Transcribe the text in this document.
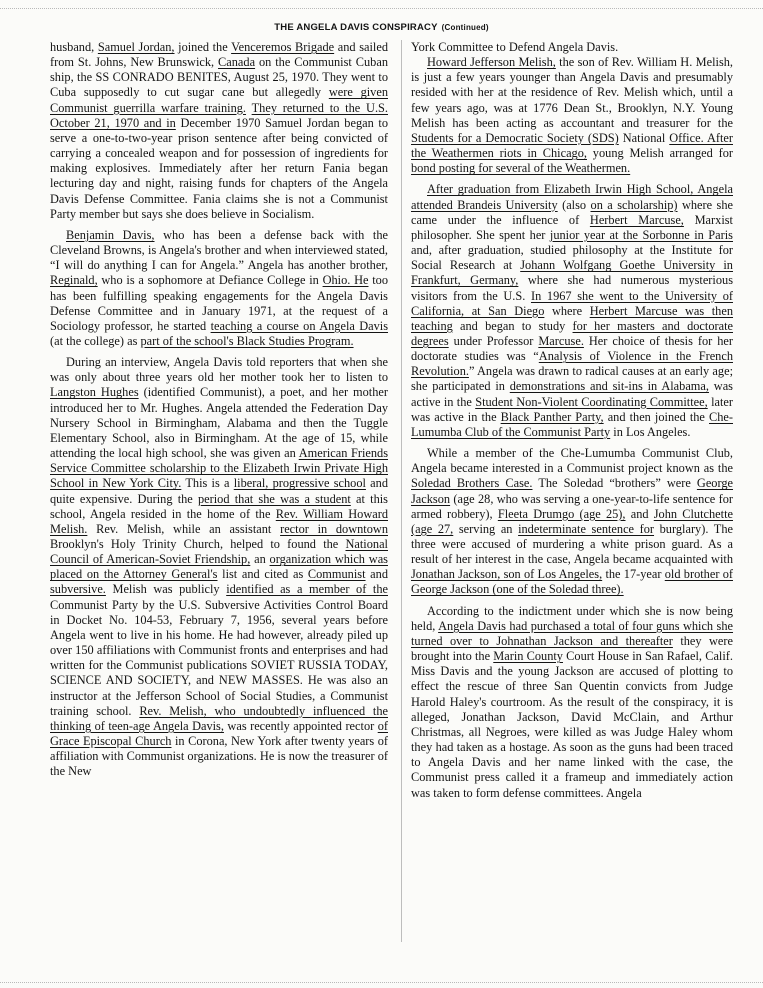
THE ANGELA DAVIS CONSPIRACY (Continued)

husband, Samuel Jordan, joined the Venceremos Brigade and sailed from St. Johns, New Brunswick, Canada on the Communist Cuban ship, the SS CONRADO BENITES, August 25, 1970. They went to Cuba supposedly to cut sugar cane but allegedly were given Communist guerrilla warfare training. They returned to the U.S. October 21, 1970 and in December 1970 Samuel Jordan began to serve a one-to-two-year prison sentence after being convicted of carrying a concealed weapon and for possession of ingredients for making explosives. Immediately after her return Fania began lecturing day and night, raising funds for chapters of the Angela Davis Defense Committee. Fania claims she is not a Communist Party member but says she does believe in Socialism.

Benjamin Davis, who has been a defense back with the Cleveland Browns, is Angela's brother and when interviewed stated, “I will do anything I can for Angela.” Angela has another brother, Reginald, who is a sophomore at Defiance College in Ohio. He too has been fulfilling speaking engagements for the Angela Davis Defense Committee and in January 1971, at the request of a Sociology professor, he started teaching a course on Angela Davis (at the college) as part of the school's Black Studies Program.

During an interview, Angela Davis told reporters that when she was only about three years old her mother took her to listen to Langston Hughes (identified Communist), a poet, and her mother introduced her to Mr. Hughes. Angela attended the Federation Day Nursery School in Birmingham, Alabama and then the Tuggle Elementary School, also in Birmingham. At the age of 15, while attending the local high school, she was given an American Friends Service Committee scholarship to the Elizabeth Irwin Private High School in New York City. This is a liberal, progressive school and quite expensive. During the period that she was a student at this school, Angela resided in the home of the Rev. William Howard Melish. Rev. Melish, while an assistant rector in downtown Brooklyn's Holy Trinity Church, helped to found the National Council of American-Soviet Friendship, an organization which was placed on the Attorney General's list and cited as Communist and subversive. Melish was publicly identified as a member of the Communist Party by the U.S. Subversive Activities Control Board in Docket No. 104-53, February 7, 1956, several years before Angela went to live in his home. He had however, already piled up over 150 affiliations with Communist fronts and enterprises and had written for the Communist publications SOVIET RUSSIA TODAY, SCIENCE AND SOCIETY, and NEW MASSES. He was also an instructor at the Jefferson School of Social Studies, a Communist training school. Rev. Melish, who undoubtedly influenced the thinking of teen-age Angela Davis, was recently appointed rector of Grace Episcopal Church in Corona, New York after twenty years of affiliation with Communist organizations. He is now the treasurer of the New

York Committee to Defend Angela Davis.

Howard Jefferson Melish, the son of Rev. William H. Melish, is just a few years younger than Angela Davis and presumably resided with her at the residence of Rev. Melish which, until a few years ago, was at 1776 Dean St., Brooklyn, N.Y. Young Melish has been acting as accountant and treasurer for the Students for a Democratic Society (SDS) National Office. After the Weathermen riots in Chicago, young Melish arranged for bond posting for several of the Weathermen.

After graduation from Elizabeth Irwin High School, Angela attended Brandeis University (also on a scholarship) where she came under the influence of Herbert Marcuse, Marxist philosopher. She spent her junior year at the Sorbonne in Paris and, after graduation, studied philosophy at the Institute for Social Research at Johann Wolfgang Goethe University in Frankfurt, Germany, where she had numerous mysterious visitors from the U.S. In 1967 she went to the University of California, at San Diego where Herbert Marcuse was then teaching and began to study for her masters and doctorate degrees under Professor Marcuse. Her choice of thesis for her doctorate studies was “Analysis of Violence in the French Revolution.” Angela was drawn to radical causes at an early age; she participated in demonstrations and sit-ins in Alabama, was active in the Student Non-Violent Coordinating Committee, later was active in the Black Panther Party, and then joined the Che-Lumumba Club of the Communist Party in Los Angeles.

While a member of the Che-Lumumba Communist Club, Angela became interested in a Communist project known as the Soledad Brothers Case. The Soledad “brothers” were George Jackson (age 28, who was serving a one-year-to-life sentence for armed robbery), Fleeta Drumgo (age 25), and John Clutchette (age 27, serving an indeterminate sentence for burglary). The three were accused of murdering a white prison guard. As a result of her interest in the case, Angela became acquainted with Jonathan Jackson, son of Los Angeles, the 17-year old brother of George Jackson (one of the Soledad three).

According to the indictment under which she is now being held, Angela Davis had purchased a total of four guns which she turned over to Johnathan Jackson and thereafter they were brought into the Marin County Court House in San Rafael, Calif. Miss Davis and the young Jackson are accused of plotting to effect the rescue of three San Quentin convicts from Judge Harold Haley's courtroom. As the result of the conspiracy, it is alleged, Jonathan Jackson, David McClain, and Arthur Christmas, all Negroes, were killed as was Judge Haley whom they had taken as a hostage. As soon as the guns had been traced to Angela Davis and her name linked with the case, the Communist press called it a frameup and immediately action was taken to form defense committees. Angela
